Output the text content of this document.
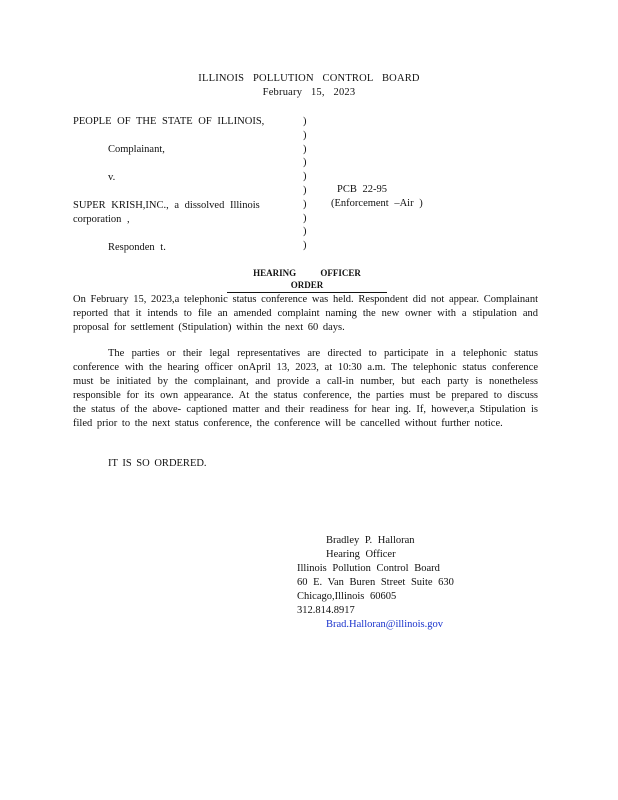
ILLINOIS POLLUTION CONTROL BOARD
February 15, 2023
PEOPLE OF THE STATE OF ILLINOIS,
Complainant,
v.
SUPER KRISH,INC., a dissolved Illinois
corporation ,
Responden t.
)
)
)
)
)
)
)
)
)
)
PCB 22-95
(Enforcement –Air )
HEARING OFFICER ORDER
On February 15, 2023,a telephonic status conference was held. Respondent did not appear. Complainant reported that it intends to file an amended complaint naming the new owner with a stipulation and proposal for settlement (Stipulation) within the next 60 days.
The parties or their legal representatives are directed to participate in a telephonic status conference with the hearing officer onApril 13, 2023, at 10:30 a.m. The telephonic status conference must be initiated by the complainant, and provide a call-in number, but each party is nonetheless responsible for its own appearance. At the status conference, the parties must be prepared to discuss the status of the above- captioned matter and their readiness for hear ing. If, however,a Stipulation is filed prior to the next status conference, the conference will be cancelled without further notice.
IT IS SO ORDERED.
Bradley P. Halloran
Hearing Officer
Illinois Pollution Control Board
60 E. Van Buren Street Suite 630
Chicago,Illinois 60605
312.814.8917
Brad.Halloran@illinois.gov
